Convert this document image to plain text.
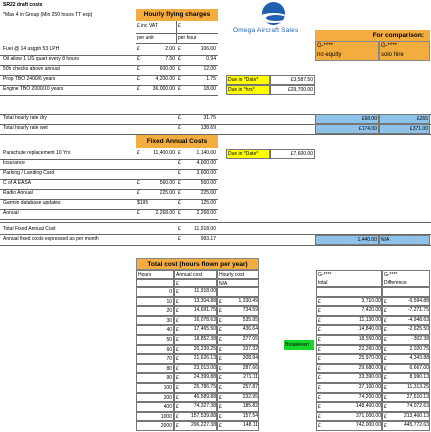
SR22 draft costs
*Max 4 in Group (Min 250 hours TT exp)	Hourly flying charges
Omega Aircraft Sales
£ inc VAT
per unit
£
per hour	For comparison:
G-****
no equity
G-****
solo hire
Fuel @ 14 usgph 53 LPH	£	2.00 £	106.00
Oil allow 1 US quart every 8 hours	£	7.50 £	0.94
50h checks above annual	£	600.00 £	12.00
Prop TBO 2400/6 years	£	4,200.00 £	1.75	Due in *Date*	£3,587.50
Engine TBO 2000/10 years	£	36,000.00 £	18.00	Due in *hrs*	£29,700.00
Total hourly rate dry	£	31.75	£68.00	£265
Total hourly rate wet	£	138.69	£174.00	£371.00
Fixed Annual Costs
Parachute replacement 10 Yrs	£	11,400.00 £	1,140.00	Due in *Date*	£7,600.00
Insurance	£	4,000.00
Parking / Landing Card	£	3,600.00
C of A EASA	£	560.00 £	560.00
Radio Annual	£	225.00 £	225.00
Garmin database updates	$195	£	125.00
Annual	£	2,268.00 £	2,268.00
Total Fixed Annual Cost	£	11,918.00
Annual fixed costs expressed as per month	£	993.17	1,440.00 N/A
Total cost (hours flown per year)
Hours	Annual cost	Hourly cost
£	N/A
G-****
total
G-****
Difference
0 £	11,918.00
10 £	13,304.88 £	1,330.49	£	3,710.00 £	-9,594.88
20 £	14,691.75 £	734.59	£	7,420.00 £	-7,271.75
30 £	16,078.63 £	535.95	£	11,130.00 £	-4,948.63
40 £	17,465.50 £	436.64	£	14,840.00 £	-2,625.50
50 £	18,852.38 £	377.05	£	18,550.00 £	-302.38
60 £	20,239.25 £	337.32	£	22,260.00 £	2,020.75
70 £	21,626.13 £	308.94	£	25,970.00 £	4,343.88
80 £	23,013.00 £	287.66	£	29,680.00 £	6,667.00
90 £	24,399.88 £	271.11	£	33,390.00 £	8,990.13
100 £	25,786.75 £	257.87	£	37,100.00 £	11,313.25
200 £	46,589.88 £	232.95	£	74,200.00 £	27,610.13
400 £	74,327.38 £	185.82	£	148,400.00 £	74,072.63
1000 £	157,539.88 £	157.54	£	371,000.00 £	213,460.13
2000 £	296,227.38 £	148.11	£	742,000.00 £	445,772.63
Breakeven
